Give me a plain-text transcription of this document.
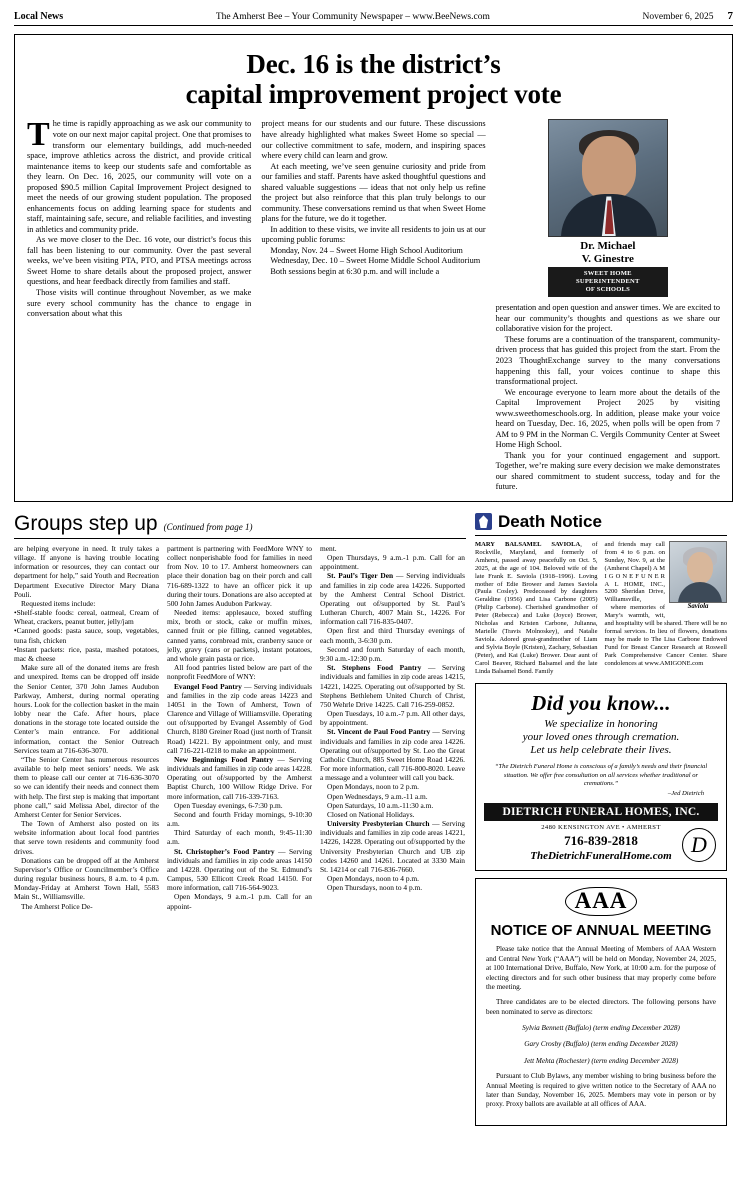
Local News	The Amherst Bee – Your Community Newspaper – www.BeeNews.com	November 6, 2025 7
Dec. 16 is the district’s
capital improvement project vote

The time is rapidly approaching as we ask our community to vote on our next major capital project. One that promises to transform our elementary buildings, add much-needed space, improve athletics across the district, and provide critical maintenance items to keep our students safe and comfortable as they learn. On Dec. 16, 2025, our community will vote on a proposed $90.5 million Capital Improvement Project designed to meet the needs of our growing student population. The proposed enhancements focus on adding learning space for students and staff, maintaining safe, secure, and reliable facilities, and investing in athletics and community pride.

As we move closer to the Dec. 16 vote, our district’s focus this fall has been listening to our community. Over the past several weeks, we’ve been visiting PTA, PTO, and PTSA meetings across Sweet Home to share details about the proposed project, answer questions, and hear feedback directly from families and staff.

Those visits will continue throughout November, as we make sure every school community has the chance to engage in conversation about what this

project means for our students and our future. These discussions have already highlighted what makes Sweet Home so special — our collective commitment to safe, modern, and inspiring spaces where every child can learn and grow.

At each meeting, we’ve seen genuine curiosity and pride from our families and staff. Parents have asked thoughtful questions and shared valuable suggestions — ideas that not only help us refine the project but also reinforce that this plan truly belongs to our community. These conversations remind us that when Sweet Home plans for the future, we do it together.

In addition to these visits, we invite all residents to join us at our upcoming public forums:

Monday, Nov. 24 – Sweet Home High School Auditorium

Wednesday, Dec. 10 – Sweet Home Middle School Auditorium

Both sessions begin at 6:30 p.m. and will include a

Dr. Michael
V. Ginestre
SWEET HOME
SUPERINTENDENT
OF SCHOOLS

presentation and open question and answer times. We are excited to hear our community’s thoughts and questions as we share our collaborative vision for the project.

These forums are a continuation of the transparent, community-driven process that has guided this project from the start. From the 2023 ThoughtExchange survey to the many conversations happening this fall, your voices continue to shape this transformational project.

We encourage everyone to learn more about the details of the Capital Improvement Project 2025 by visiting www.sweethomeschools.org. In addition, please make your voice heard on Tuesday, Dec. 16, 2025, when polls will be open from 7 AM to 9 PM in the Norman C. Vergils Community Center at Sweet Home High School.

Thank you for your continued engagement and support. Together, we’re making sure every decision we make demonstrates our shared commitment to student success, today and for the future.

Groups step up (Continued from page 1)

are helping everyone in need. It truly takes a village. If anyone is having trouble locating information or resources, they can contact our department for help,” said Youth and Recreation Department Executive Director Mary Diana Pouli.

Requested items include:

•Shelf-stable foods: cereal, oatmeal, Cream of Wheat, crackers, peanut butter, jelly/jam

•Canned goods: pasta sauce, soup, vegetables, tuna fish, chicken

•Instant packets: rice, pasta, mashed potatoes, mac & cheese

Make sure all of the donated items are fresh and unexpired. Items can be dropped off inside the Senior Center, 370 John James Audubon Parkway, Amherst, during normal operating hours. Look for the collection basket in the main lobby near the Cafe. After hours, place donations in the storage tote located outside the Center’s main entrance. For additional information, contact the Senior Outreach Services team at 716-636-3070.

“The Senior Center has numerous resources available to help meet seniors’ needs. We ask them to please call our center at 716-636-3070 so we can identify their needs and connect them with help. The first step is making that important phone call,” said Melissa Abel, director of the Amherst Center for Senior Services.

The Town of Amherst also posted on its website information about local food pantries that serve town residents and community food drives.

Donations can be dropped off at the Amherst Supervisor’s Office or Councilmember’s Office during regular business hours, 8 a.m. to 4 p.m. Monday-Friday at Amherst Town Hall, 5583 Main St., Williamsville.

The Amherst Police De-

partment is partnering with FeedMore WNY to collect nonperishable food for families in need from Nov. 10 to 17. Amherst homeowners can place their donation bag on their porch and call 716-689-1322 to have an officer pick it up during their tours. Donations are also accepted at 500 John James Audubon Parkway.

Needed items: applesauce, boxed stuffing mix, broth or stock, cake or muffin mixes, canned fruit or pie filling, canned vegetables, canned yams, cornbread mix, cranberry sauce or jelly, gravy (cans or packets), instant potatoes, and whole grain pasta or rice.

All food pantries listed below are part of the nonprofit FeedMore of WNY:

Evangel Food Pantry — Serving individuals and families in the zip code areas 14223 and 14051 in the Town of Amherst, Town of Clarence and Village of Williamsville. Operating out of/supported by Evangel Assembly of God Church, 8180 Greiner Road (just north of Transit Road) 14221. By appointment only, and must call 716-221-0218 to make an appointment.

New Beginnings Food Pantry — Serving individuals and families in zip code areas 14228. Operating out of/supported by the Amherst Baptist Church, 100 Willow Ridge Drive. For more information, call 716-339-7163.

Open Tuesday evenings, 6-7:30 p.m.

Second and fourth Friday mornings, 9-10:30 a.m.

Third Saturday of each month, 9:45-11:30 a.m.

St. Christopher’s Food Pantry — Serving individuals and families in zip code areas 14150 and 14228. Operating out of the St. Edmund’s Campus, 530 Ellicott Creek Road 14150. For more information, call 716-564-9023.

Open Mondays, 9 a.m.-1 p.m. Call for an appoint-

ment.

Open Thursdays, 9 a.m.-1 p.m. Call for an appointment.

St. Paul’s Tiger Den — Serving individuals and families in zip code area 14226. Supported by the Amherst Central School District. Operating out of/supported by St. Paul’s Lutheran Church, 4007 Main St., 14226. For information call 716-835-0407.

Open first and third Thursday evenings of each month, 3-6:30 p.m.

Second and fourth Saturday of each month, 9:30 a.m.-12:30 p.m.

St. Stephens Food Pantry — Serving individuals and families in zip code areas 14215, 14221, 14225. Operating out of/supported by St. Stephens Bethlehem United Church of Christ, 750 Wehrle Drive 14225. Call 716-259-0852.

Open Tuesdays, 10 a.m.-7 p.m. All other days, by appointment.

St. Vincent de Paul Food Pantry — Serving individuals and families in zip code area 14226. Operating out of/supported by St. Leo the Great Catholic Church, 885 Sweet Home Road 14226. For more information, call 716-800-8020. Leave a message and a volunteer will call you back.

Open Mondays, noon to 2 p.m.

Open Wednesdays, 9 a.m.-11 a.m.

Open Saturdays, 10 a.m.-11:30 a.m.

Closed on National Holidays.

University Presbyterian Church — Serving individuals and families in zip code areas 14221, 14226, 14228. Operating out of/supported by the University Presbyterian Church and UB zip codes 14260 and 14261. Located at 3330 Main St. 14214 or call 716-836-7660.

Open Mondays, noon to 4 p.m.

Open Thursdays, noon to 4 p.m.

Death Notice

MARY BALSAMEL SAVIOLA, of Rockville, Maryland, and formerly of Amherst, passed away peacefully on Oct. 5, 2025, at the age of 104. Beloved wife of the late Frank E. Saviola (1918–1996). Loving mother of Edie Brower and James Saviola (Paula Cosley). Predeceased by daughters Geraldine (1956) and Lisa Carbone (2005) (Philip Carbone). Cherished grandmother of Peter (Rebecca) and Luke (Joyce) Brower, Nicholas and Kristen Carbone, Julianna, Marielle (Travis Molnoskey), and Natalie Saviola. Adored great-grandmother of Liam and Sylvia Boyle (Kristen), Zachary, Sebastian (Peter), and Kai (Luke) Brower. Dear aunt of Carol Beaver, Richard Balsamel and the late Linda Balsamel Bond. Family

Saviola

and friends may call from 4 to 6 p.m. on Sunday, Nov. 9, at the (Amherst Chapel) A M I G O N E F U N E R A L HOME, INC., 5200 Sheridan Drive, Williamsville,

where memories of Mary’s warmth, wit, and hospitality will be shared. There will be no formal services. In lieu of flowers, donations may be made to The Lisa Carbone Endowed Fund for Breast Cancer Research at Roswell Park Comprehensive Cancer Center. Share condolences at www.AMIGONE.com

Did you know...
We specialize in honoring
your loved ones through cremation.
Let us help celebrate their lives.
“The Dietrich Funeral Home is conscious of a family’s needs and their financial situation. We offer free consultation on all services whether traditional or cremations.”
–Jed Dietrich
DIETRICH FUNERAL HOMES, INC.
2480 KENSINGTON AVE • AMHERST
716-839-2818
TheDietrichFuneralHome.com D
AAA
NOTICE OF ANNUAL MEETING

Please take notice that the Annual Meeting of Members of AAA Western and Central New York (“AAA”) will be held on Monday, November 24, 2025, at 100 International Drive, Buffalo, New York, at 10:00 a.m. for the purpose of electing directors and for such other business that may properly come before the meeting.

Three candidates are to be elected directors. The following persons have been nominated to serve as directors:

Sylvia Bennett (Buffalo) (term ending December 2028)

Gary Crosby (Buffalo) (term ending December 2028)

Jett Mehta (Rochester) (term ending December 2028)

Pursuant to Club Bylaws, any member wishing to bring business before the Annual Meeting is required to give written notice to the Secretary of AAA no later than Sunday, November 16, 2025. Members may vote in person or by proxy. Proxy ballots are available at all offices of AAA.
